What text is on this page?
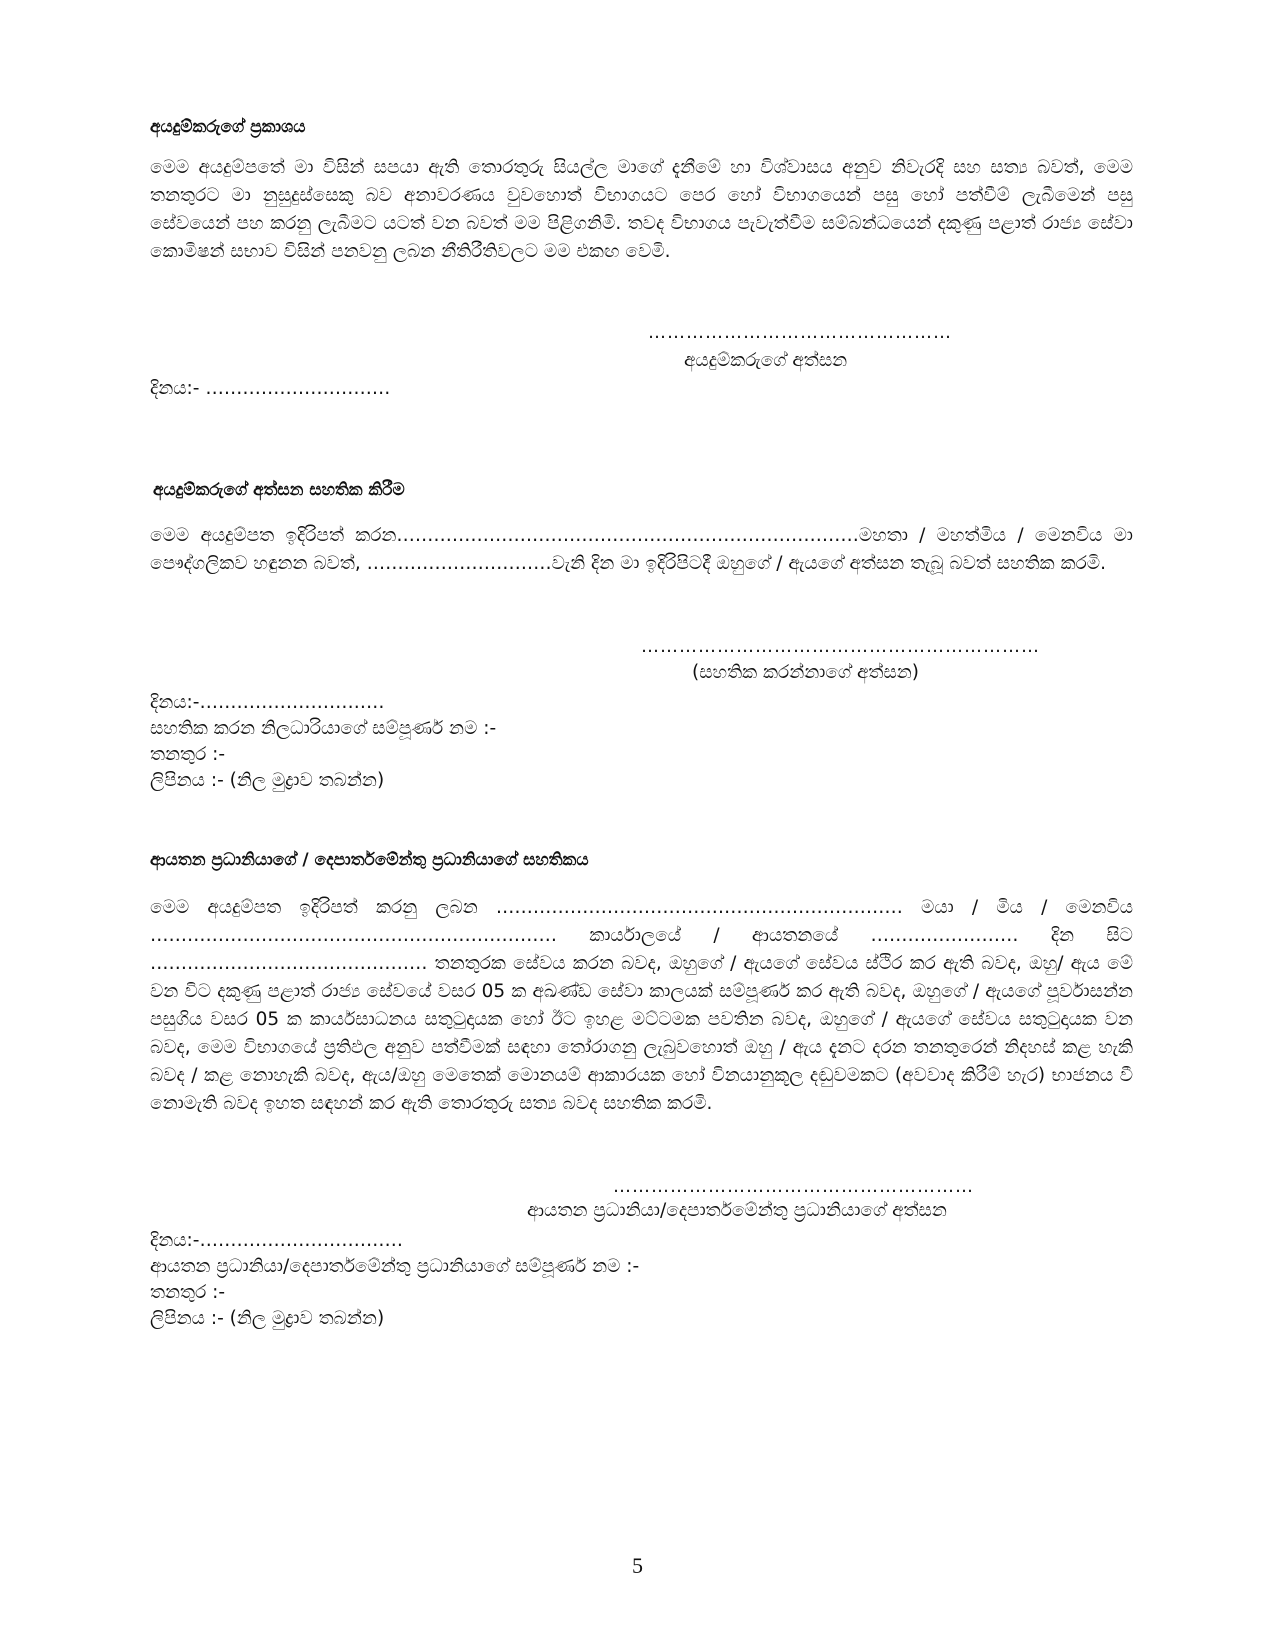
අයදුම්කරුගේ ප්‍රකාශය
මෙම අයදුම්පතේ මා විසින් සපයා ඇති තොරතුරු සියල්ල මාගේ දැනීමේ හා විශ්වාසය අනුව නිවැරදි සහ සත්‍ය බවත්, මෙම තනතුරට මා නුසුදුස්සෙකු බව අනාවරණය වුවහොත් විභාගයට පෙර හෝ විභාගයෙන් පසු හෝ පත්වීම් ලැබීමෙන් පසු සේවයෙන් පහ කරනු ලැබීමට යටත් වන බවත් මම පිළිගනිමි. තවද විභාගය පැවැත්වීම සම්බන්ධයෙන් දකුණු පළාත් රාජ්‍ය සේවා කොමිෂන් සභාව විසින් පනවනු ලබන නීතිරීතිවලට මම එකඟ වෙමි.
…………………………………………
අයදුම්කරුගේ අත්සන
දිනය:- …………………………
අයදුම්කරුගේ අත්සන සහතික කිරීම
මෙම අයදුම්පත ඉදිරිපත් කරන…………………………………………………………………මහතා / මහත්මිය / මෙනවිය මා පෞද්ගලිකව හඳුනන බවත්, …………………………වැනි දින මා ඉදිරිපිටදී ඔහුගේ / ඇයගේ අත්සන තැබූ බවත් සහතික කරමි.
………………………………………………………
(සහතික කරන්නාගේ අත්සන)
දිනය:-…………………………
සහතික කරන නිලධාරියාගේ සම්පූර්ණ නම :-
තනතුර :-
ලිපිනය :- (නිල මුද්‍රාව තබන්න)
ආයතන ප්‍රධානියාගේ / දෙපාර්තමේන්තු ප්‍රධානියාගේ සහතිකය
මෙම අයදුම්පත ඉදිරිපත් කරනු ලබන ………………………………………………………… මයා / මිය / මෙනවිය ………………………………………………………… කාර්යාලයේ / ආයතනයේ …………………… දින සිට ……………………………………… තනතුරක සේවය කරන බවද, ඔහුගේ / ඇයගේ සේවය ස්ථිර කර ඇති බවද, ඔහු/ ඇය මේ වන විට දකුණු පළාත් රාජ්‍ය සේවයේ වසර 05 ක අඛණ්ඩ සේවා කාලයක් සම්පූර්ණ කර ඇති බවද, ඔහුගේ / ඇයගේ පූර්වාසන්න පසුගිය වසර 05 ක කාර්යසාධනය සතුටුදායක හෝ ඊට ඉහළ මට්ටමක පවතින බවද, ඔහුගේ / ඇයගේ සේවය සතුටුදායක වන බවද, මෙම විභාගයේ ප්‍රතිඵල අනුව පත්වීමක් සඳහා තෝරාගනු ලැබුවහොත් ඔහු / ඇය දැනට දරන තනතුරෙන් නිදහස් කළ හැකි බවද / කළ නොහැකි බවද, ඇය/ඔහු මෙතෙක් මොනයම් ආකාරයක හෝ විනයානුකූල දඬුවමකට (අවවාද කිරීම් හැර) භාජනය වී නොමැති බවද ඉහත සඳහන් කර ඇති තොරතුරු සත්‍ය බවද සහතික කරමි.
…………………………………………………
ආයතන ප්‍රධානියා/දෙපාර්තමේන්තු ප්‍රධානියාගේ අත්සන
දිනය:-……………………………
ආයතන ප්‍රධානියා/දෙපාර්තමේන්තු ප්‍රධානියාගේ සම්පූර්ණ නම :-
තනතුර :-
ලිපිනය :- (නිල මුද්‍රාව තබන්න)
5
